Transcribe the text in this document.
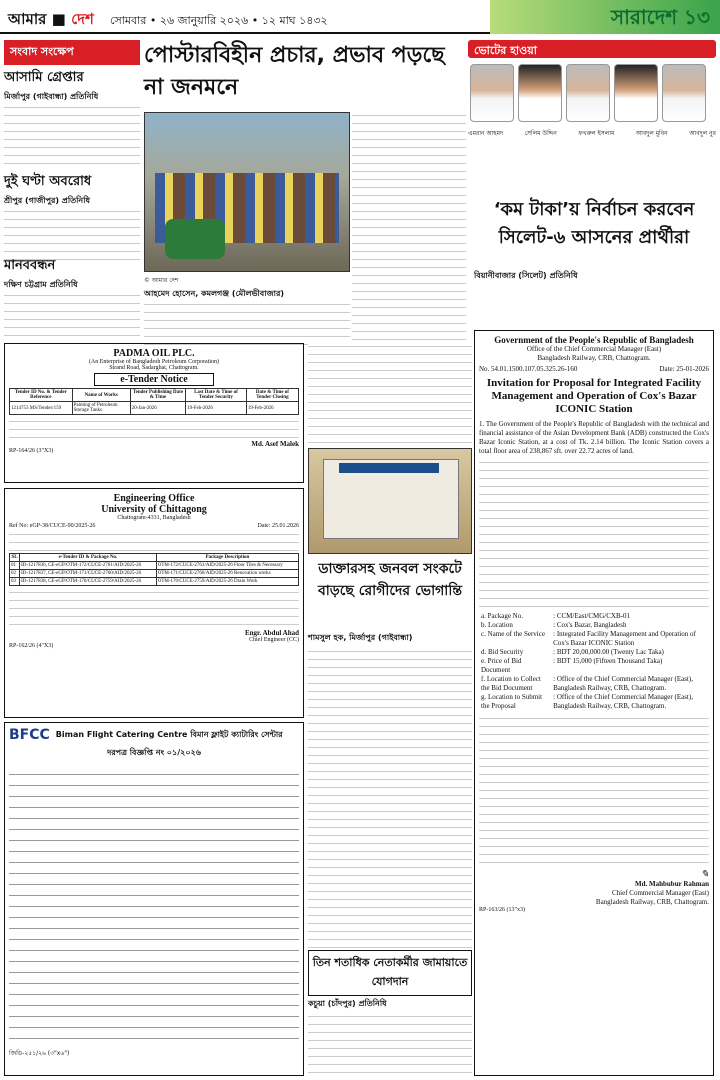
আমার ■ দেশ সোমবার • ২৬ জানুয়ারি ২০২৬ • ১২ মাঘ ১৪৩২	সারাদেশ ১৩
সংবাদ সংক্ষেপ
আসামি গ্রেপ্তার
মির্জাপুর (গাইবান্ধা) প্রতিনিধি
দুই ঘণ্টা অবরোধ
শ্রীপুর (গাজীপুর) প্রতিনিধি
মানববন্ধন
দক্ষিণ চট্টগ্রাম প্রতিনিধি
পোস্টারবিহীন প্রচার, প্রভাব পড়ছে না জনমনে
© আমার দেশ
আহমেদ হোসেন, কমলগঞ্জ (মৌলভীবাজার)
ভোটের হাওয়া
এমরান আহমদ	সেলিম উদ্দিন	ফখরুল ইসলাম	আবদুল মুবিন	আবদুল নুর
‘কম টাকা’য় নির্বাচন করবেন সিলেট-৬ আসনের প্রার্থীরা
বিয়ানীবাজার (সিলেট) প্রতিনিধি
Government of the People's Republic of Bangladesh
Office of the Chief Commercial Manager (East)
Bangladesh Railway, CRB, Chattogram.
No. 54.01.1500.107.05.325.26-160	Date: 25-01-2026
Invitation for Proposal for Integrated Facility Management and Operation of Cox's Bazar ICONIC Station
1. The Government of the People's Republic of Bangladesh with the technical and financial assistance of the Asian Development Bank (ADB) constructed the Cox's Bazar Iconic Station, at a cost of Tk. 2.14 billion. The Iconic Station covers a total floor area of 238,867 sft. over 22.72 acres of land.
a. Package No.	: CCM/East/CMG/CXB-01
b. Location	: Cox's Bazar, Bangladesh
c. Name of the Service	: Integrated Facility Management and Operation of Cox's Bazar ICONIC Station
d. Bid Security	: BDT 20,00,000.00 (Twenty Lac Taka)
e. Price of Bid Document	: BDT 15,000 (Fifteen Thousand Taka)
f. Location to Collect the Bid Document	: Office of the Chief Commercial Manager (East), Bangladesh Railway, CRB, Chattogram.
g. Location to Submit the Proposal	: Office of the Chief Commercial Manager (East), Bangladesh Railway, CRB, Chattogram.
✎
Md. Mahbubur Rahman
Chief Commercial Manager (East)
Bangladesh Railway, CRB, Chattogram.
RP-163/26 (13"x3)
PADMA OIL PLC.
(An Enterprise of Bangladesh Petroleum Corporation)
Strand Road, Sadarghat, Chattogram.
e-Tender Notice
Tender ID No. & Tender Reference	Name of Works	Tender Publishing Date & Time	Last Date & Time of Tender Security	Date & Time of Tender Closing
1214753 MS/Tender/159	Painting of Petroleum Storage Tanks	20-Jan-2026	19-Feb-2026	19-Feb-2026
Md. Asef Malek
RP-164/26 (3"X3)
Engineering Office
University of Chittagong
Chattogram-4331, Bangladesh
Ref No: eGP-38/CUCE-90/2025-26	Date: 25.01.2026
SL	e-Tender ID & Package No.	Package Description
01	ID-1217836, CE-eGP/OTM-172/CUCE-2761/AID/2025-26	OTM-172/CUCE-2761/AID/2025-26 Floor Tiles & Necessary
02	ID-1217837, CE-eGP/OTM-171/CUCE-2760/AID/2025-26	OTM-171/CUCE-2760/AID/2025-26 Renovation works
03	ID-1217838, CE-eGP/OTM-170/CUCE-2759/AID/2025-26	OTM-170/CUCE-2759/AID/2025-26 Drain Work
Engr. Abdul Ahad
Chief Engineer (CC)
RP-162/26 (4"X3)
BFCC Biman Flight Catering Centre বিমান ফ্লাইট ক্যাটারিং সেন্টার
দরপত্র বিজ্ঞপ্তি নং ০১/২০২৬
জিডি-২৫১/২৬ (৩"x৬")
ডাক্তারসহ জনবল সংকটে বাড়ছে রোগীদের ভোগান্তি
শামসুল হক, মির্জাপুর (গাইবান্ধা)
তিন শতাধিক নেতাকর্মীর জামায়াতে যোগদান
কচুয়া (চাঁদপুর) প্রতিনিধি
